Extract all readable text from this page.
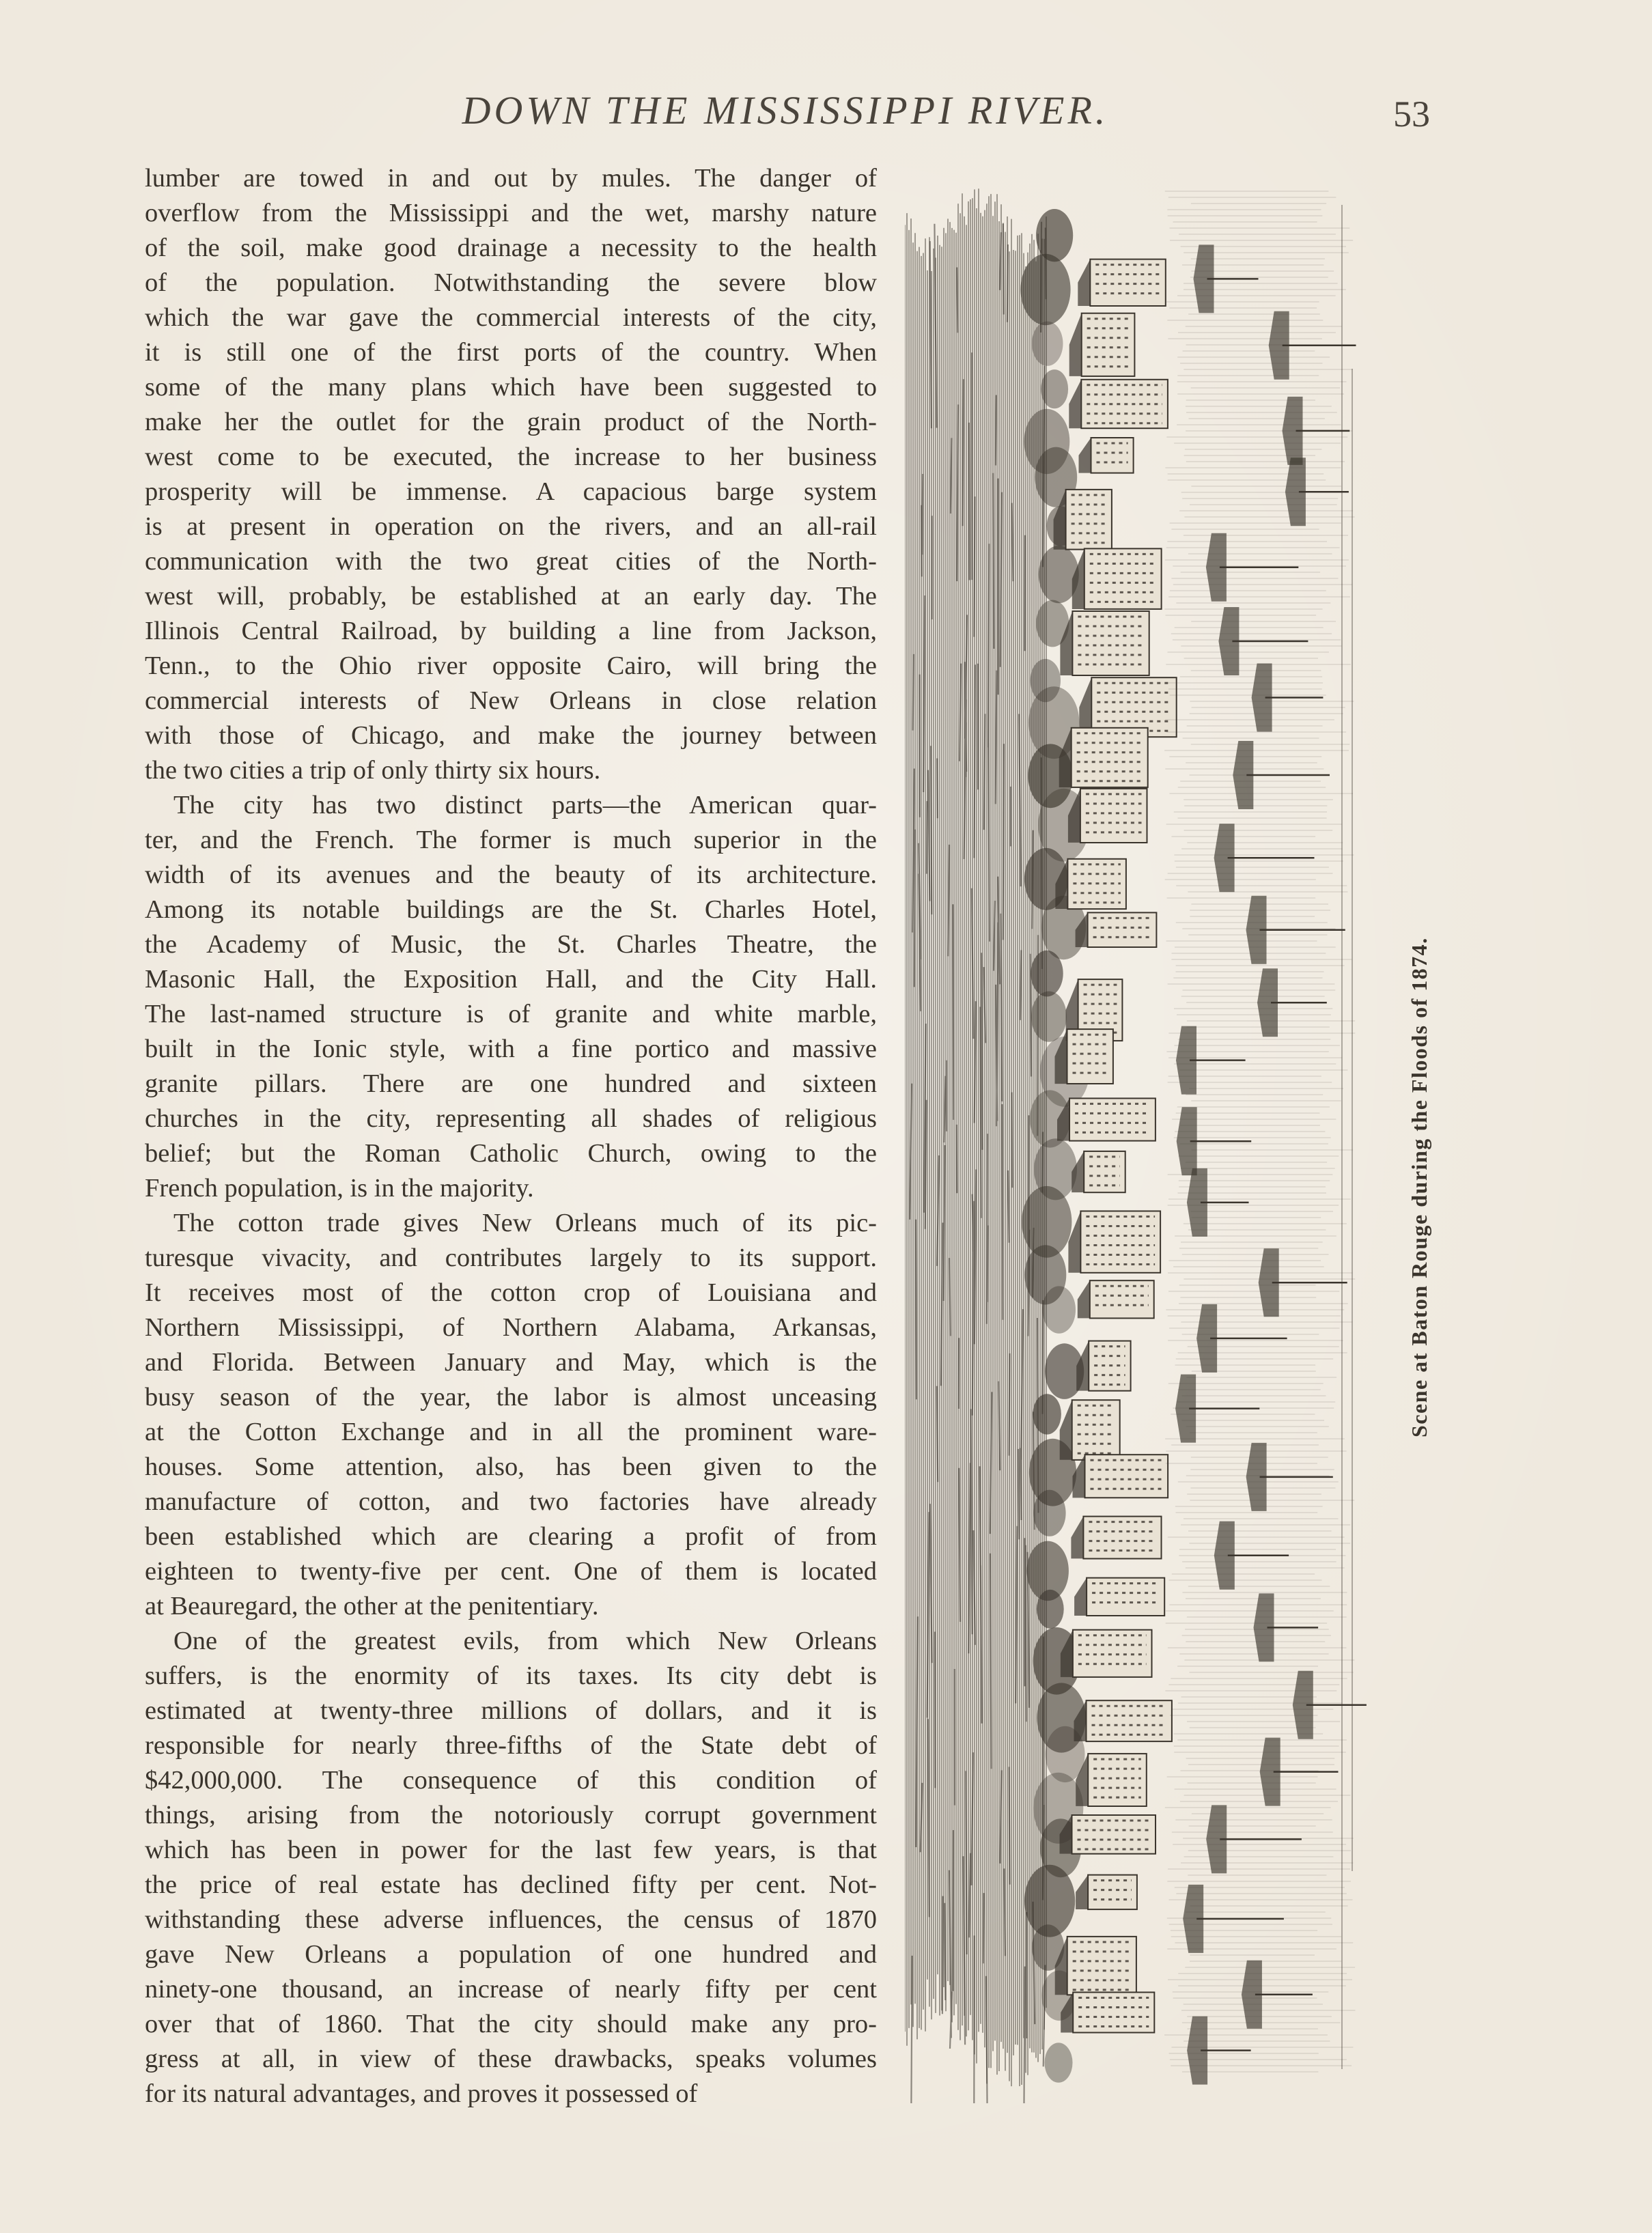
DOWN THE MISSISSIPPI RIVER.	53
lumber are towed in and out by mules. The danger of
overflow from the Mississippi and the wet, marshy nature
of the soil, make good drainage a necessity to the health
of the population. Notwithstanding the severe blow
which the war gave the commercial interests of the city,
it is still one of the first ports of the country. When
some of the many plans which have been suggested to
make her the outlet for the grain product of the North-
west come to be executed, the increase to her business
prosperity will be immense. A capacious barge system
is at present in operation on the rivers, and an all-rail
communication with the two great cities of the North-
west will, probably, be established at an early day. The
Illinois Central Railroad, by building a line from Jackson,
Tenn., to the Ohio river opposite Cairo, will bring the
commercial interests of New Orleans in close relation
with those of Chicago, and make the journey between
the two cities a trip of only thirty six hours.
The city has two distinct parts—the American quar-
ter, and the French. The former is much superior in the
width of its avenues and the beauty of its architecture.
Among its notable buildings are the St. Charles Hotel,
the Academy of Music, the St. Charles Theatre, the
Masonic Hall, the Exposition Hall, and the City Hall.
The last-named structure is of granite and white marble,
built in the Ionic style, with a fine portico and massive
granite pillars. There are one hundred and sixteen
churches in the city, representing all shades of religious
belief; but the Roman Catholic Church, owing to the
French population, is in the majority.
The cotton trade gives New Orleans much of its pic-
turesque vivacity, and contributes largely to its support.
It receives most of the cotton crop of Louisiana and
Northern Mississippi, of Northern Alabama, Arkansas,
and Florida. Between January and May, which is the
busy season of the year, the labor is almost unceasing
at the Cotton Exchange and in all the prominent ware-
houses. Some attention, also, has been given to the
manufacture of cotton, and two factories have already
been established which are clearing a profit of from
eighteen to twenty-five per cent. One of them is located
at Beauregard, the other at the penitentiary.
One of the greatest evils, from which New Orleans
suffers, is the enormity of its taxes. Its city debt is
estimated at twenty-three millions of dollars, and it is
responsible for nearly three-fifths of the State debt of
$42,000,000. The consequence of this condition of
things, arising from the notoriously corrupt government
which has been in power for the last few years, is that
the price of real estate has declined fifty per cent. Not-
withstanding these adverse influences, the census of 1870
gave New Orleans a population of one hundred and
ninety-one thousand, an increase of nearly fifty per cent
over that of 1860. That the city should make any pro-
gress at all, in view of these drawbacks, speaks volumes
for its natural advantages, and proves it possessed of
Scene at Baton Rouge during the Floods of 1874.
